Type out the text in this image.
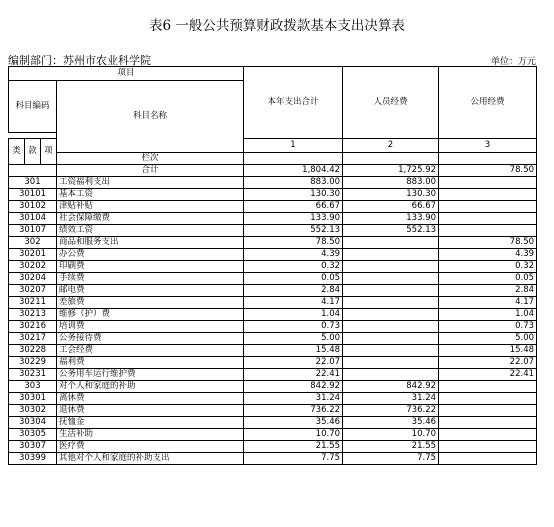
表6 一般公共预算财政拨款基本支出决算表
编制部门：苏州市农业科学院	单位：万元
项目				本年支出合计	人员经费	公用经费
科目编码			科目名称			

类	款	项		1	2	3
			栏次			
			合计	1,804.42	1,725.92	78.50
301			工资福利支出	883.00	883.00	
30101			基本工资	130.30	130.30	
30102			津贴补贴	66.67	66.67	
30104			社会保障缴费	133.90	133.90	
30107			绩效工资	552.13	552.13	
302			商品和服务支出	78.50		78.50
30201			办公费	4.39		4.39
30202			印刷费	0.32		0.32
30204			手续费	0.05		0.05
30207			邮电费	2.84		2.84
30211			差旅费	4.17		4.17
30213			维修（护）费	1.04		1.04
30216			培训费	0.73		0.73
30217			公务接待费	5.00		5.00
30228			工会经费	15.48		15.48
30229			福利费	22.07		22.07
30231			公务用车运行维护费	22.41		22.41
303			对个人和家庭的补助	842.92	842.92	
30301			离休费	31.24	31.24	
30302			退休费	736.22	736.22	
30304			抚恤金	35.46	35.46	
30305			生活补助	10.70	10.70	
30307			医疗费	21.55	21.55	
30399			其他对个人和家庭的补助支出	7.75	7.75	
